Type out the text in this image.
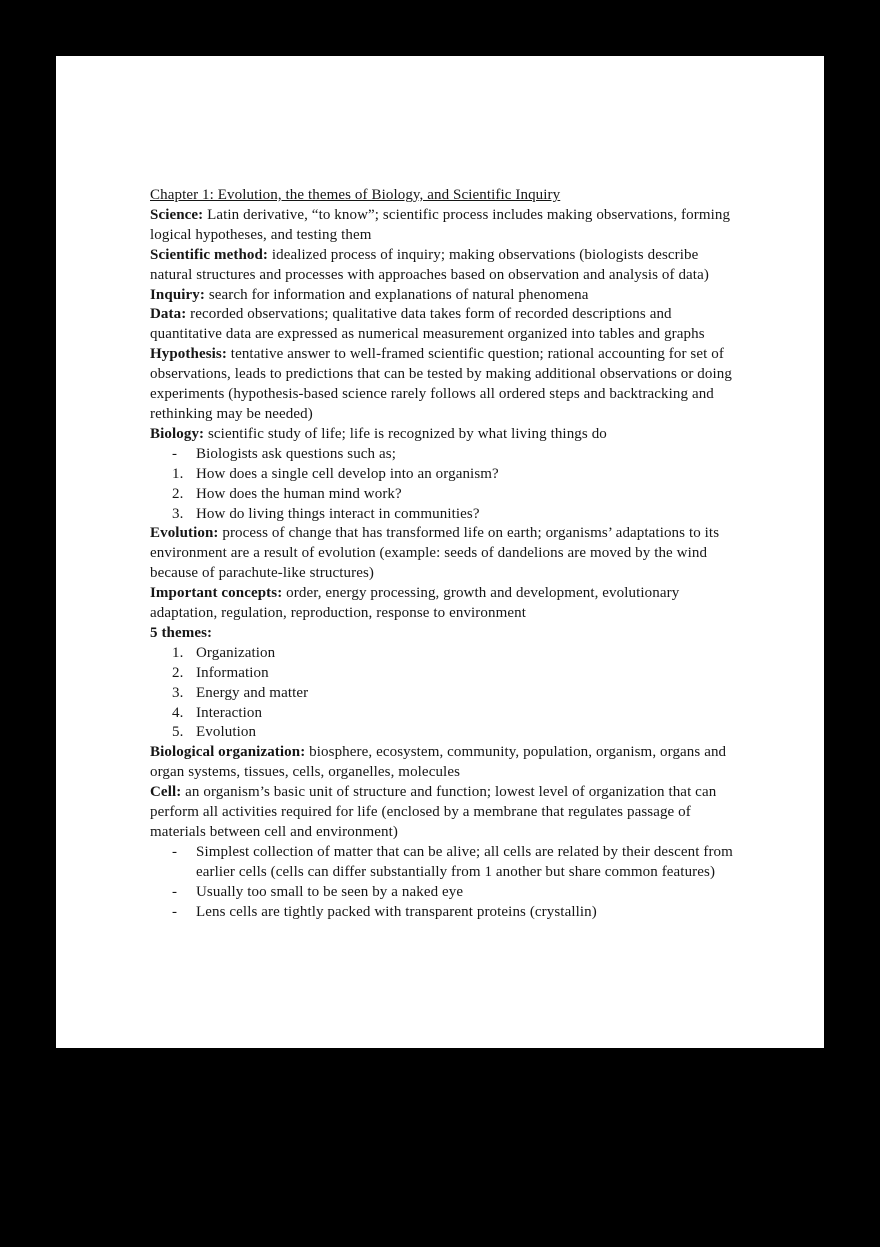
Chapter 1: Evolution, the themes of Biology, and Scientific Inquiry
Science: Latin derivative, “to know”; scientific process includes making observations, forming logical hypotheses, and testing them
Scientific method: idealized process of inquiry; making observations (biologists describe natural structures and processes with approaches based on observation and analysis of data)
Inquiry: search for information and explanations of natural phenomena
Data: recorded observations; qualitative data takes form of recorded descriptions and quantitative data are expressed as numerical measurement organized into tables and graphs
Hypothesis: tentative answer to well-framed scientific question; rational accounting for set of observations, leads to predictions that can be tested by making additional observations or doing experiments (hypothesis-based science rarely follows all ordered steps and backtracking and rethinking may be needed)
Biology: scientific study of life; life is recognized by what living things do
- Biologists ask questions such as;
1. How does a single cell develop into an organism?
2. How does the human mind work?
3. How do living things interact in communities?
Evolution: process of change that has transformed life on earth; organisms’ adaptations to its environment are a result of evolution (example: seeds of dandelions are moved by the wind because of parachute-like structures)
Important concepts: order, energy processing, growth and development, evolutionary adaptation, regulation, reproduction, response to environment
5 themes:
1. Organization
2. Information
3. Energy and matter
4. Interaction
5. Evolution
Biological organization: biosphere, ecosystem, community, population, organism, organs and organ systems, tissues, cells, organelles, molecules
Cell: an organism’s basic unit of structure and function; lowest level of organization that can perform all activities required for life (enclosed by a membrane that regulates passage of materials between cell and environment)
- Simplest collection of matter that can be alive; all cells are related by their descent from earlier cells (cells can differ substantially from 1 another but share common features)
- Usually too small to be seen by a naked eye
- Lens cells are tightly packed with transparent proteins (crystallin)
